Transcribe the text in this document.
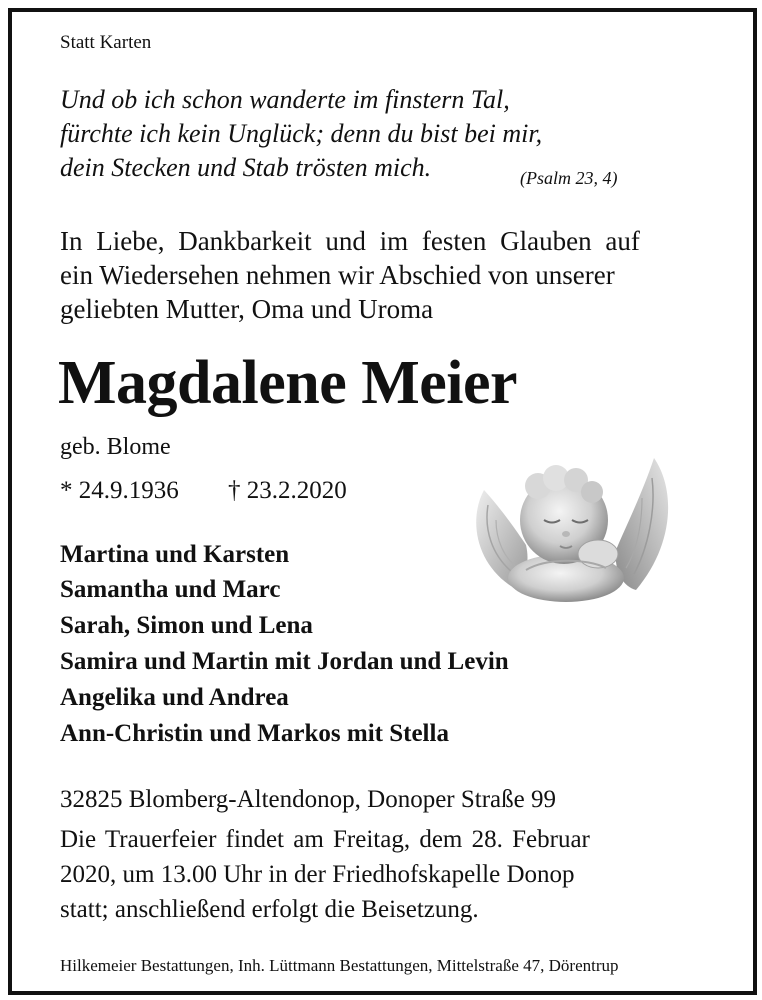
Statt Karten
Und ob ich schon wanderte im finstern Tal,
fürchte ich kein Unglück; denn du bist bei mir,
dein Stecken und Stab trösten mich.	(Psalm 23, 4)
In Liebe, Dankbarkeit und im festen Glauben auf
ein Wiedersehen nehmen wir Abschied von unserer
geliebten Mutter, Oma und Uroma
Magdalene Meier
geb. Blome
* 24.9.1936 † 23.2.2020
Martina und Karsten
Samantha und Marc
Sarah, Simon und Lena
Samira und Martin mit Jordan und Levin
Angelika und Andrea
Ann-Christin und Markos mit Stella
32825 Blomberg-Altendonop, Donoper Straße 99
Die Trauerfeier findet am Freitag, dem 28. Februar
2020, um 13.00 Uhr in der Friedhofskapelle Donop
statt; anschließend erfolgt die Beisetzung.
Hilkemeier Bestattungen, Inh. Lüttmann Bestattungen, Mittelstraße 47, Dörentrup
